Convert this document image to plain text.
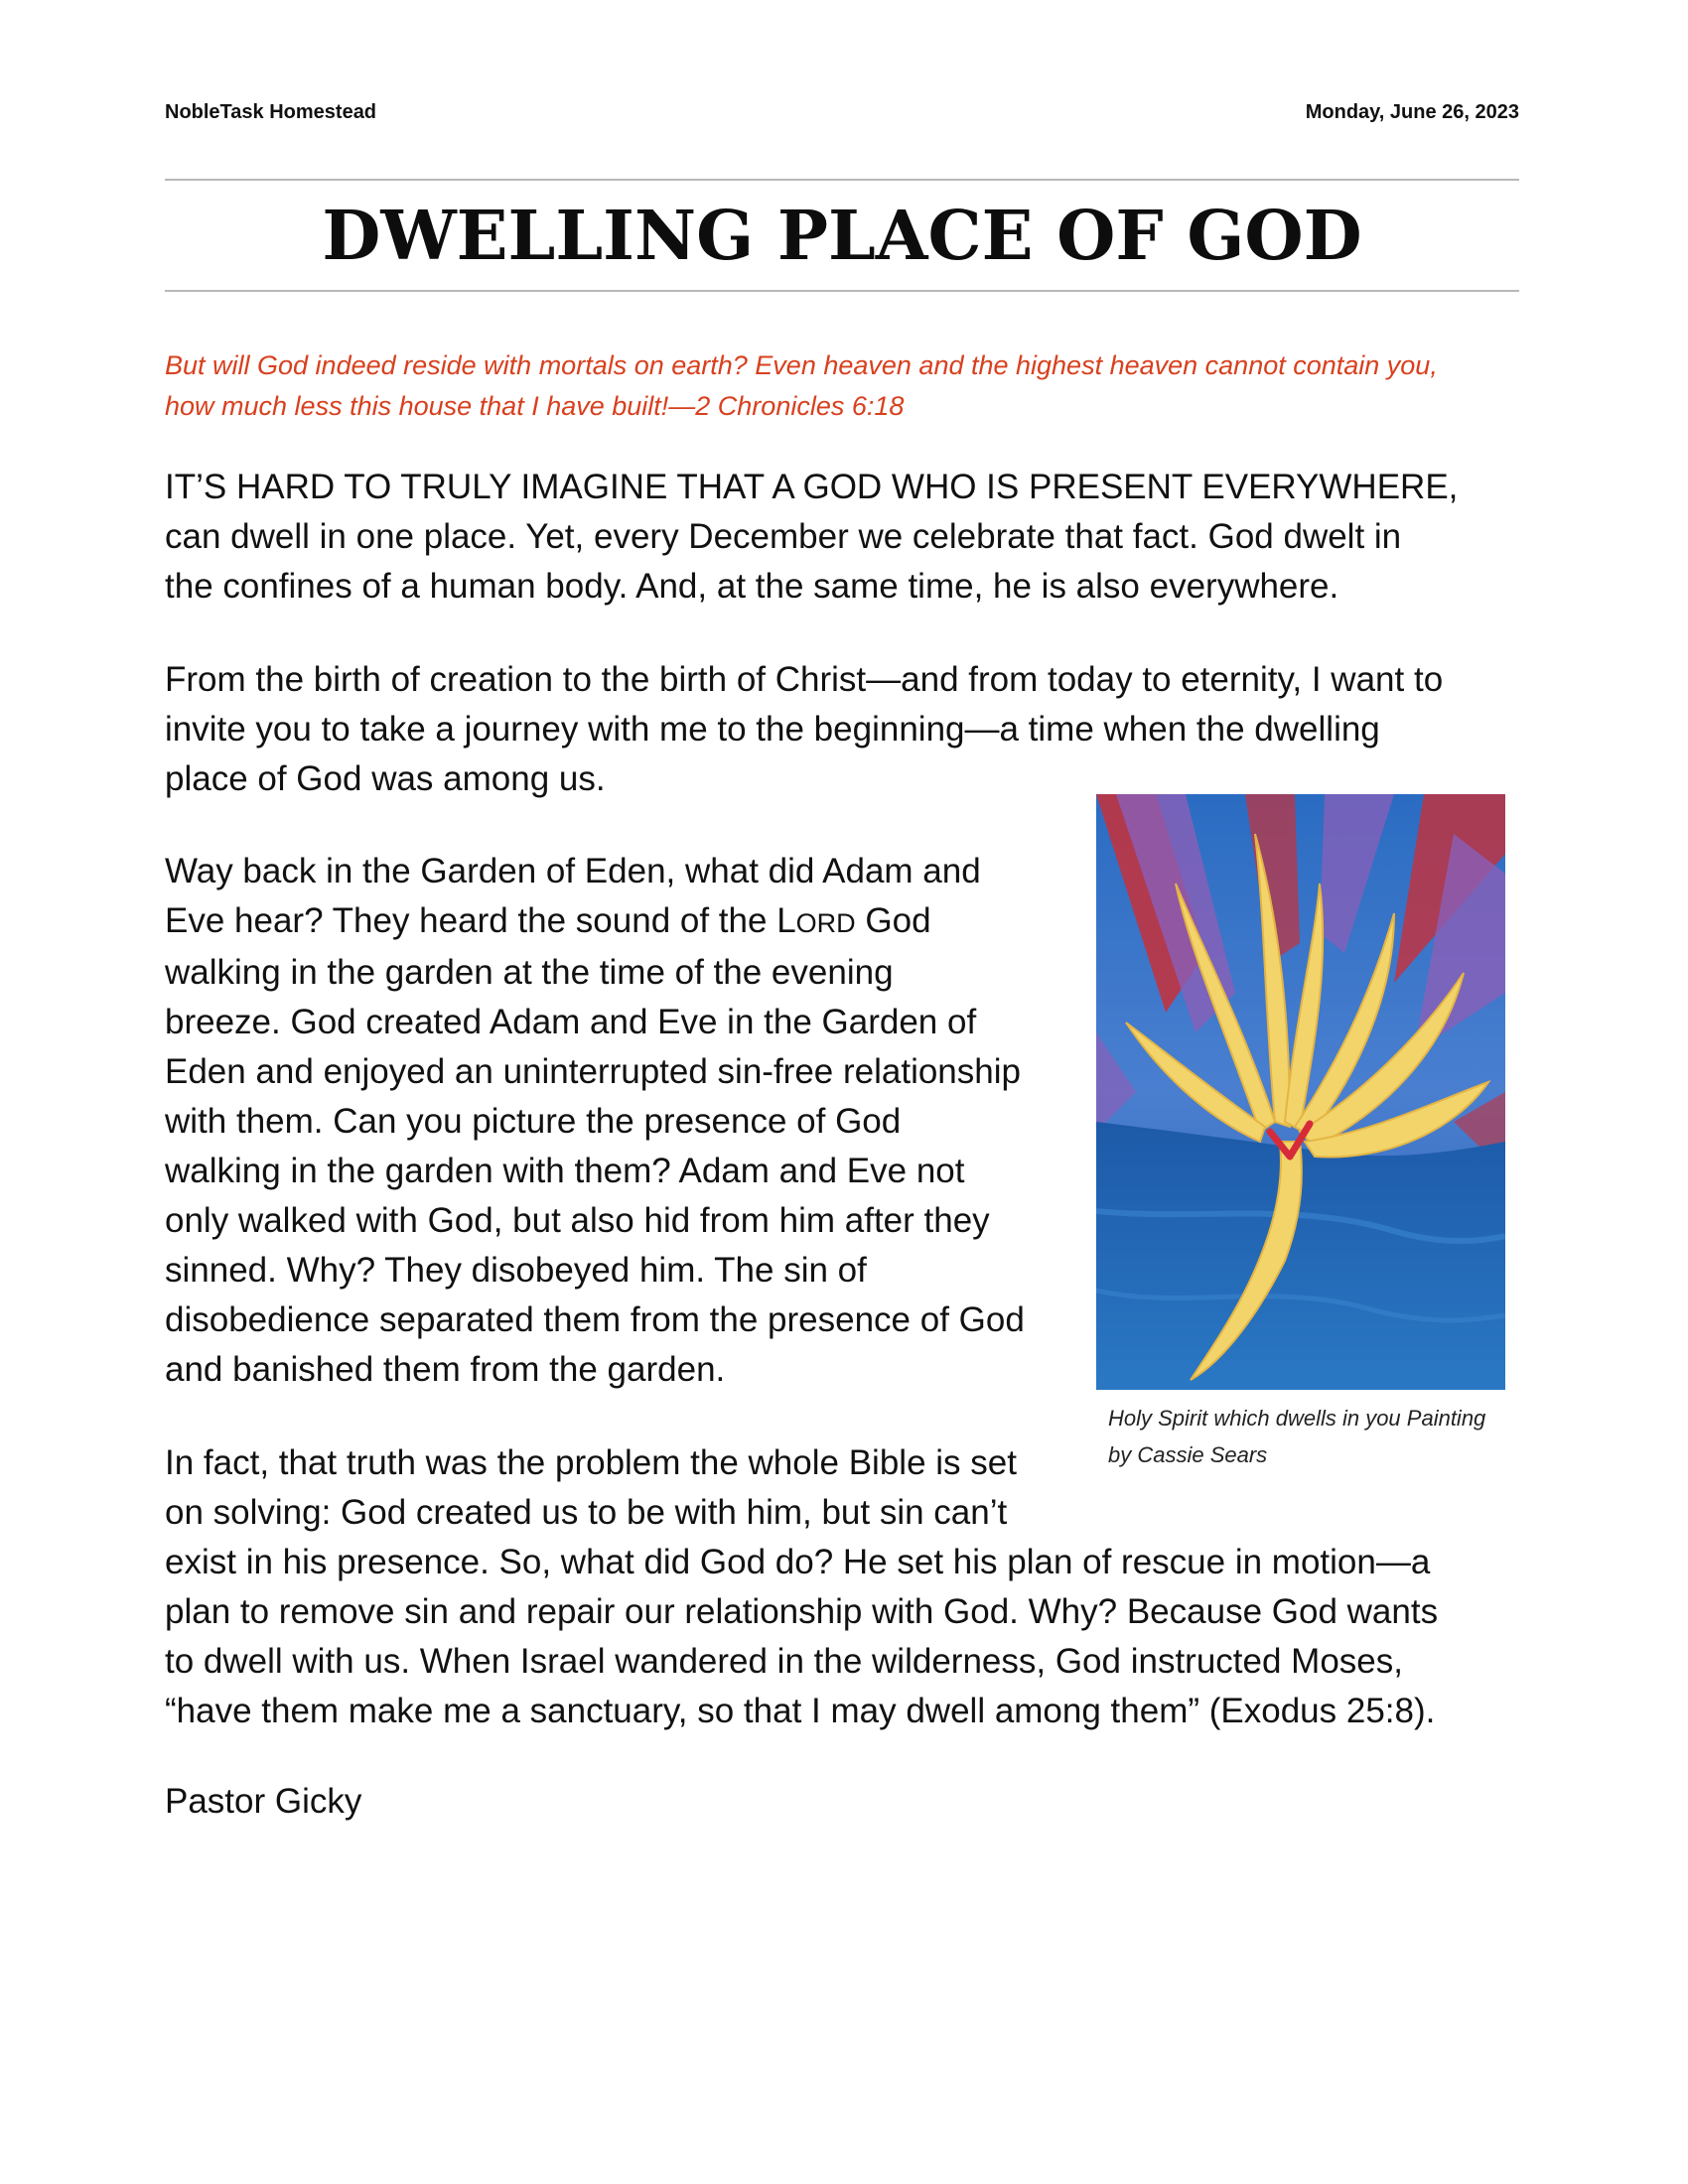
NobleTask Homestead	Monday, June 26, 2023
DWELLING PLACE OF GOD
But will God indeed reside with mortals on earth? Even heaven and the highest heaven cannot contain you,
how much less this house that I have built!—2 Chronicles 6:18
IT’S HARD TO TRULY IMAGINE THAT A GOD WHO IS PRESENT EVERYWHERE,
can dwell in one place. Yet, every December we celebrate that fact. God dwelt in
the confines of a human body. And, at the same time, he is also everywhere.
From the birth of creation to the birth of Christ—and from today to eternity, I want to
invite you to take a journey with me to the beginning—a time when the dwelling
place of God was among us.
Way back in the Garden of Eden, what did Adam and
Eve hear? They heard the sound of the LORD God
walking in the garden at the time of the evening
breeze. God created Adam and Eve in the Garden of
Eden and enjoyed an uninterrupted sin-free relationship
with them. Can you picture the presence of God
walking in the garden with them? Adam and Eve not
only walked with God, but also hid from him after they
sinned. Why? They disobeyed him. The sin of
disobedience separated them from the presence of God
and banished them from the garden.
Holy Spirit which dwells in you Painting
by Cassie Sears
In fact, that truth was the problem the whole Bible is set
on solving: God created us to be with him, but sin can’t
exist in his presence. So, what did God do? He set his plan of rescue in motion—a
plan to remove sin and repair our relationship with God. Why? Because God wants
to dwell with us. When Israel wandered in the wilderness, God instructed Moses,
“have them make me a sanctuary, so that I may dwell among them” (Exodus 25:8).
Pastor Gicky
